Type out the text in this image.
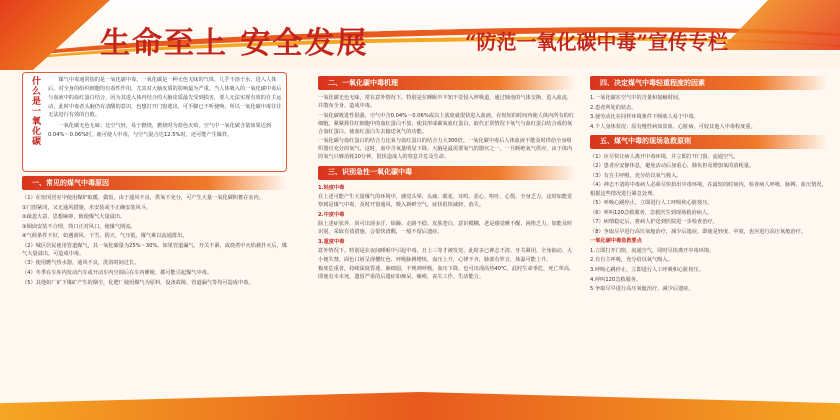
生命至上 安全发展	“防范一氧化碳中毒”宣传专栏
什么是一氧化碳	煤气中毒通常指的是一氧化碳中毒。一氧化碳是一种无色无味的气体，几乎不溶于水，进入人体后，对全身的组织细胞均有毒性作用，尤其对大脑皮质的影响最为严重。当人体吸入的一氧化碳中毒后与血液中的血红蛋白结合，因为其进入体内结合的大脑皮质最先受到损害，要人无法实现有效的自主运动，此时中毒者头脑仍有清醒的意识，也想打开门窗逃出，可手脚已不听使唤，所以一氧化碳中毒往往无法进行有效的自救。

一氧化碳无色无味；比空气轻，易于燃烧，燃烧时为蓝色火焰。空气中一氧化碳含量如果达到0.04%～0.06%时，就可使人中毒，与空气混合达12.5%时，还可能产生爆炸。

一、常见的煤气中毒原因

（1）在密闭居室中使用煤炉取暖、做饭，由于通风不良，供氧不充分，可产生大量一氧化碳积蓄在室内。

①门窗紧闭，又无通风措施，未安装或不正确安装风斗。

②疏忽大意，思想麻痹，致使煤气大量溢出。

③烟囱安装不合理，筒口正对风口，使煤气倒流。

④气候条件不好，如遇刮风、下雪、阴天、气压低，煤气难以流通排出。

（2）城区居民使用管道煤气，其一氧化碳量为25%～30%。如果管道漏气、开关不紧，或烧煮中火焰被扑灭后，煤气大量溢出，可造成中毒。

（3）使用燃气热水器，通风不良，洗浴时间过长。

（4）冬季在车库内发动汽车或开动车内空调后在车内睡眠，都可能引起煤气中毒。

（5）其他如厂矿下煤矿产生的烟尘，化肥厂使用煤气为原料，设备故障，管道漏气等均可造成中毒。

二、一氧化碳中毒机理

一氧化碳无色无味，常在意外情况下，特别是在睡眠中不知不觉侵入呼吸道，通过肺泡的气体交换，进入血流，并散布全身，造成中毒。

一氧化碳吸进性很强，空气中含0.04%～0.06%或以上浓度就很快进入血液，在短短的时间内使人体内所有的红细胞，紧紧抓住红细胞中的血红蛋白不放，使其形成碳氧血红蛋白，取代正常情况下氧气与血红蛋白结合成的氧合血红蛋白，使血红蛋白失去输送氧气的功能。

一氧化碳与血红蛋白的结合力比氧与血红蛋白的结合力大300倍。一氧化碳中毒后人体血液不能及时供给全身组织器官充分的氧气，这时，血中含氧量明显下降。大脑是最需要氧气的器官之一，一旦断绝氧气供应，由于体内的氧气只够消耗10分钟，很快造成人的窒息并危及生命。

三、识别急性一氧化碳中毒

1.轻度中毒

在上述可能产生大量煤气的环境中，感觉头晕、头痛、眼花、耳鸣、恶心、呕吐、心慌、全身乏力，这时如能觉察到是煤气中毒，及时开窗通风，吸入新鲜空气，症状很快减轻、消失。

2.中度中毒

除上述症状外，尚可出现多汗、烦躁、走路不稳、皮肤苍白、意识模糊，老是感觉睡不醒、困倦乏力，如能及时识别，采取有效措施，会很快清醒，一般不留后遗症。

3.重度中毒

意外情况下，特别是在夜间睡眠中引起中毒，且上三等才被发觉，此时多已神志不清、牙关紧闭、全身抽动、大小便失禁、面色口唇呈现樱红色、呼吸脉搏增快，血压上升，心律不齐，肺部有罗音，体温可能上升。

极度危重者，持续深度昏迷，脉细弱，不规则呼吸，血压下降，也可出现高热40℃，此时生命垂危，死亡率高，即使有幸未死，遗留严重的后遗症如痴呆、瘫痪，丧失工作、生活能力。

四、决定煤气中毒轻重程度的因素

1.一氧化碳在空气中的含量和接触时间。

2.患者所处的状态。

3.使劳动比在同样环境条件下吸收人易于中毒。

4.个人身体状况：原有慢性病如贫血、心脏病，可较其他人中毒程度重。

五、煤气中毒的现场急救原则

（1）应尽快让病人离开中毒环境，并立即打开门窗，流通空气。

（2）患者应安静休息，避免活动后加重心、肺负担及增加氧的消耗量。

（3）有自主呼吸，充分给以氧气吸入。

（4）神志不清的中毒病人必须尽快抬出中毒环境，在最短的时间内，检查病人呼吸、脉搏、血压情况，根据这些情况进行紧急处理。

（5）呼吸心跳停止，立即进行人工呼吸和心脏按压。

（6）呼叫120急救服务，急救医生到现场救治病人。

（7）病情稳定后，将病人护送到医院进一步检查治疗。

（8）争取尽早进行高压氧舱治疗，减少后遗症，即使是轻度、中度，也应进行高压氧舱治疗。

一氧化碳中毒急救要点

1.立即打开门窗，流通空气，同时尽快离开中毒环境。

2.有自主呼吸，充分给以氧气吸入。

3.呼吸心跳停止，立即进行人工呼吸和心脏按压。

4.呼叫120急救服务。

5.争取尽早进行高压氧舱治疗，减少后遗症。
